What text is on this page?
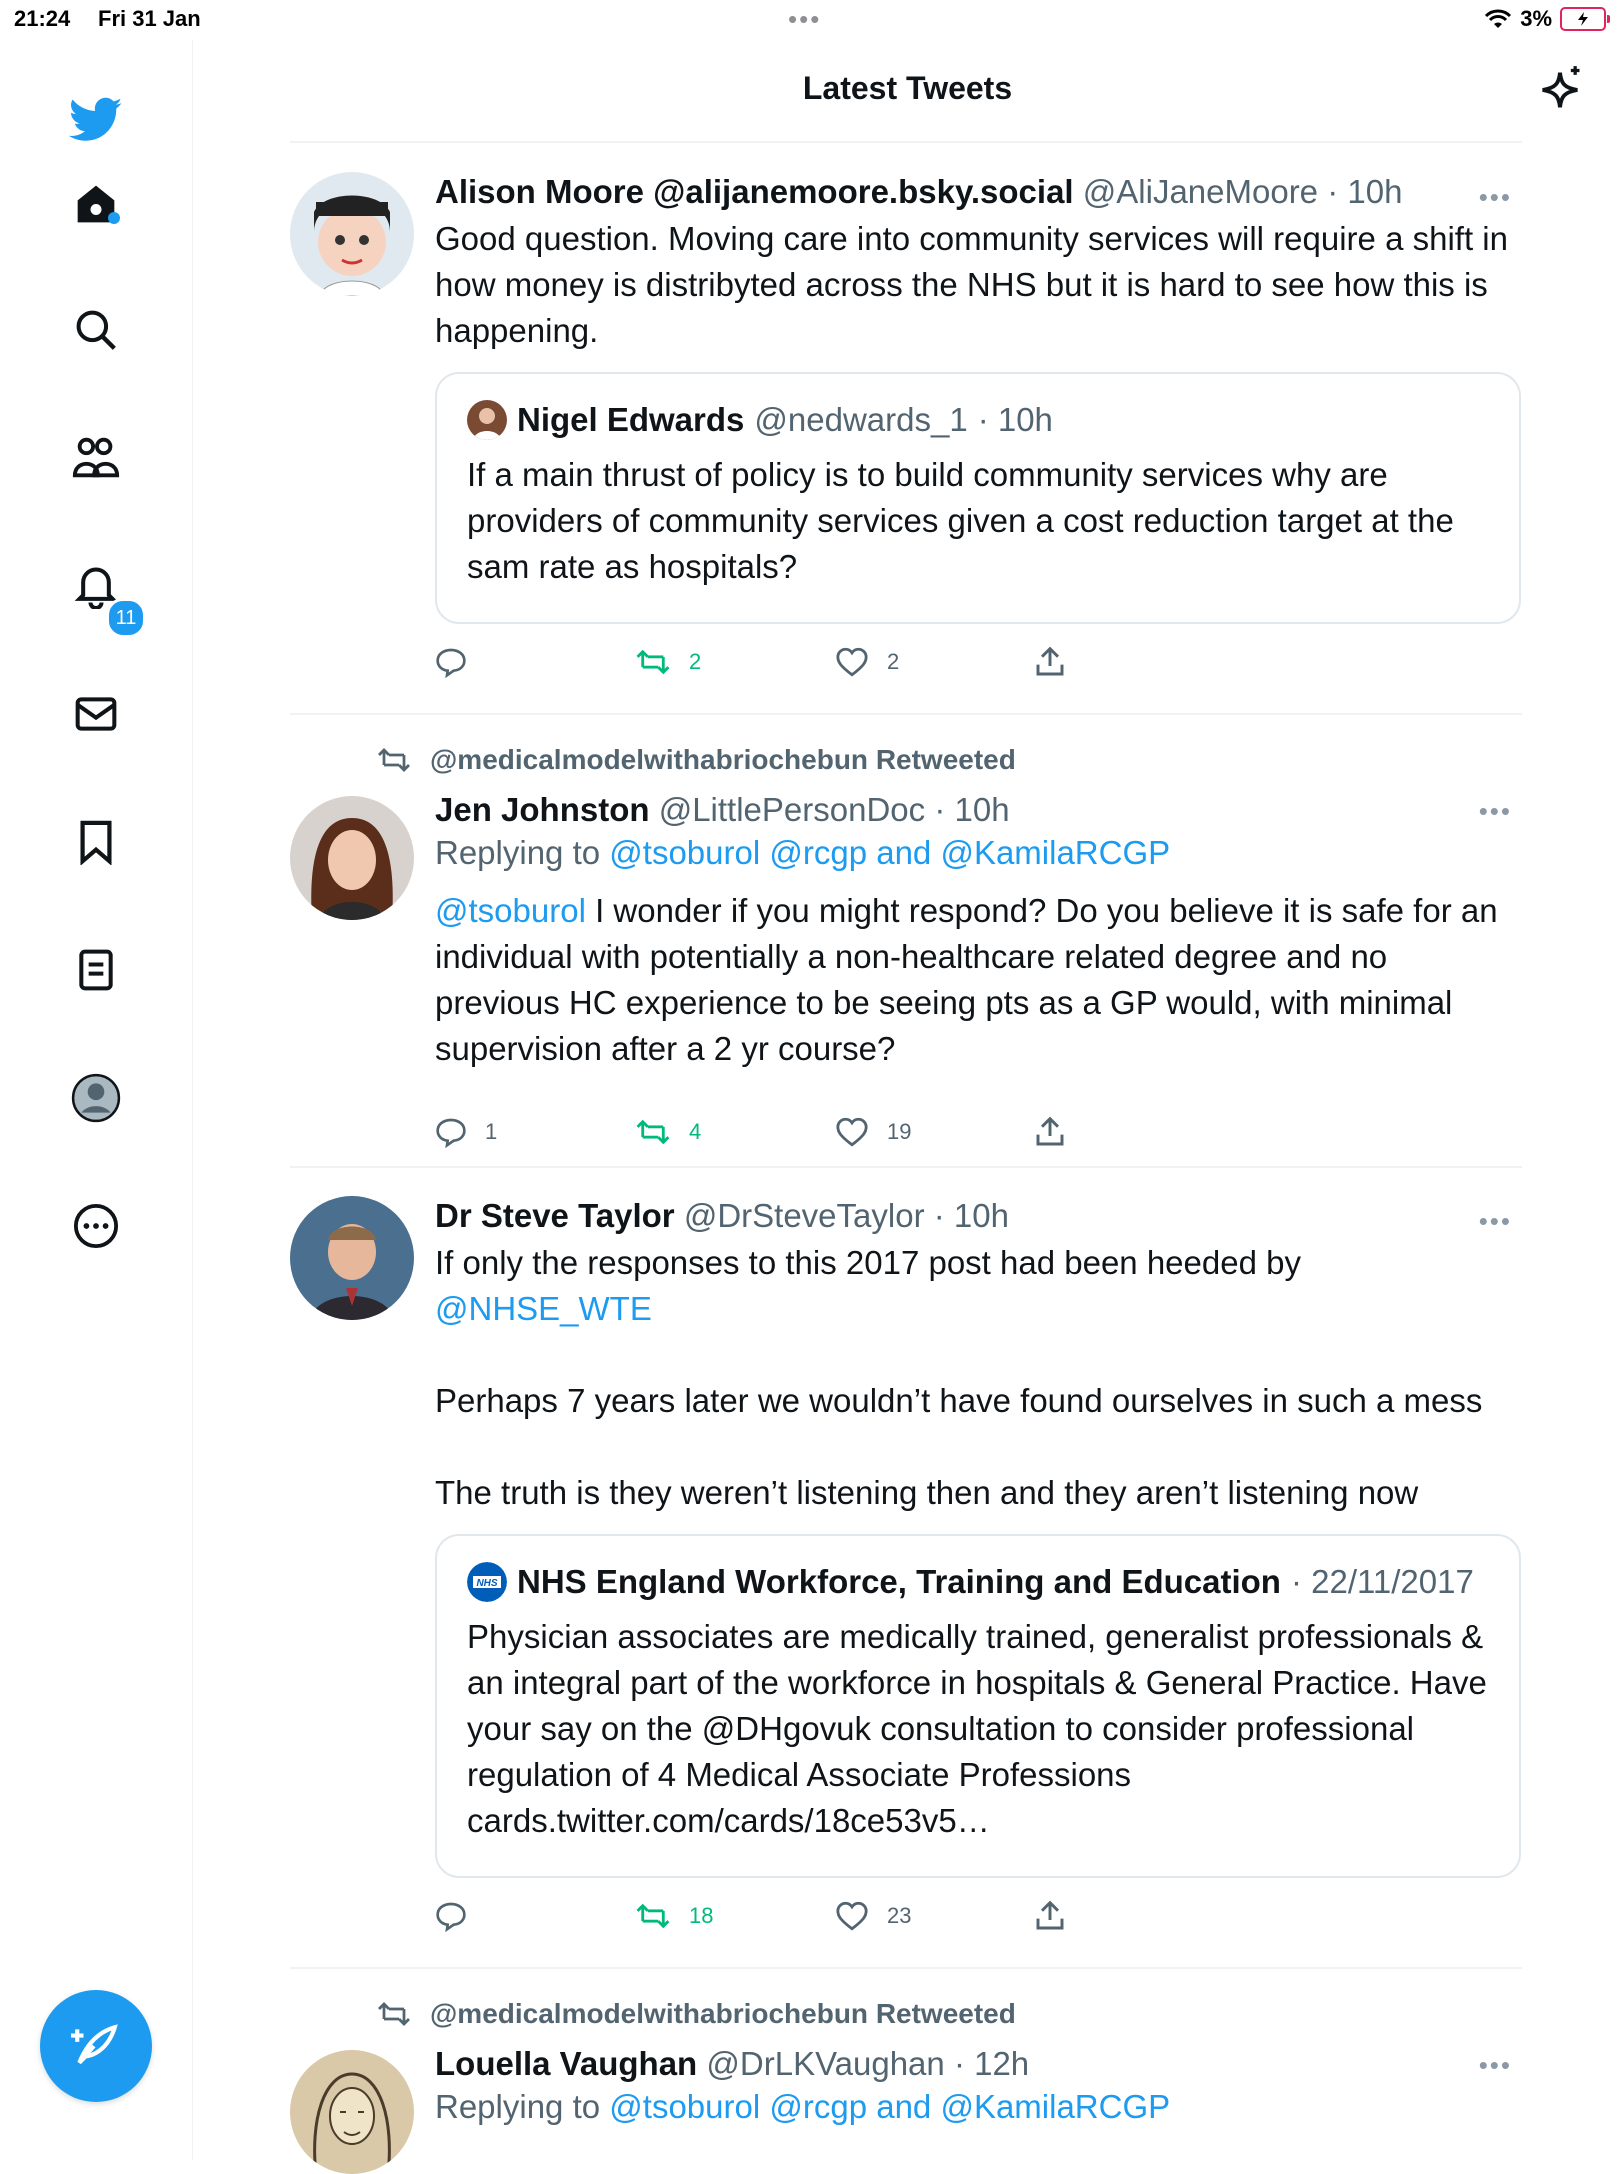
21:24 Fri 31 Jan	•••	3%
11
Latest Tweets
Alison Moore @alijanemoore.bsky.social @AliJaneMoore · 10h
Good question. Moving care into community services will require a shift in how money is distribyted across the NHS but it is hard to see how this is happening.
•••
Nigel Edwards @nedwards_1 · 10h
If a main thrust of policy is to build community services why are providers of community services given a cost reduction target at the sam rate as hospitals?
2	2
@medicalmodelwithabriochebun Retweeted
Jen Johnston @LittlePersonDoc · 10h
Replying to @tsoburol @rcgp and @KamilaRCGP
@tsoburol I wonder if you might respond? Do you believe it is safe for an individual with potentially a non-healthcare related degree and no previous HC experience to be seeing pts as a GP would, with minimal supervision after a 2 yr course?
•••
1	4	19
Dr Steve Taylor @DrSteveTaylor · 10h
If only the responses to this 2017 post had been heeded by
@NHSE_WTE
Perhaps 7 years later we wouldn’t have found ourselves in such a mess
The truth is they weren’t listening then and they aren’t listening now
•••
NHS NHS England Workforce, Training and Education · 22/11/2017
Physician associates are medically trained, generalist professionals & an integral part of the workforce in hospitals & General Practice. Have your say on the @DHgovuk consultation to consider professional regulation of 4 Medical Associate Professions cards.twitter.com/cards/18ce53v5…
18	23
@medicalmodelwithabriochebun Retweeted
Louella Vaughan @DrLKVaughan · 12h
Replying to @tsoburol @rcgp and @KamilaRCGP
•••
